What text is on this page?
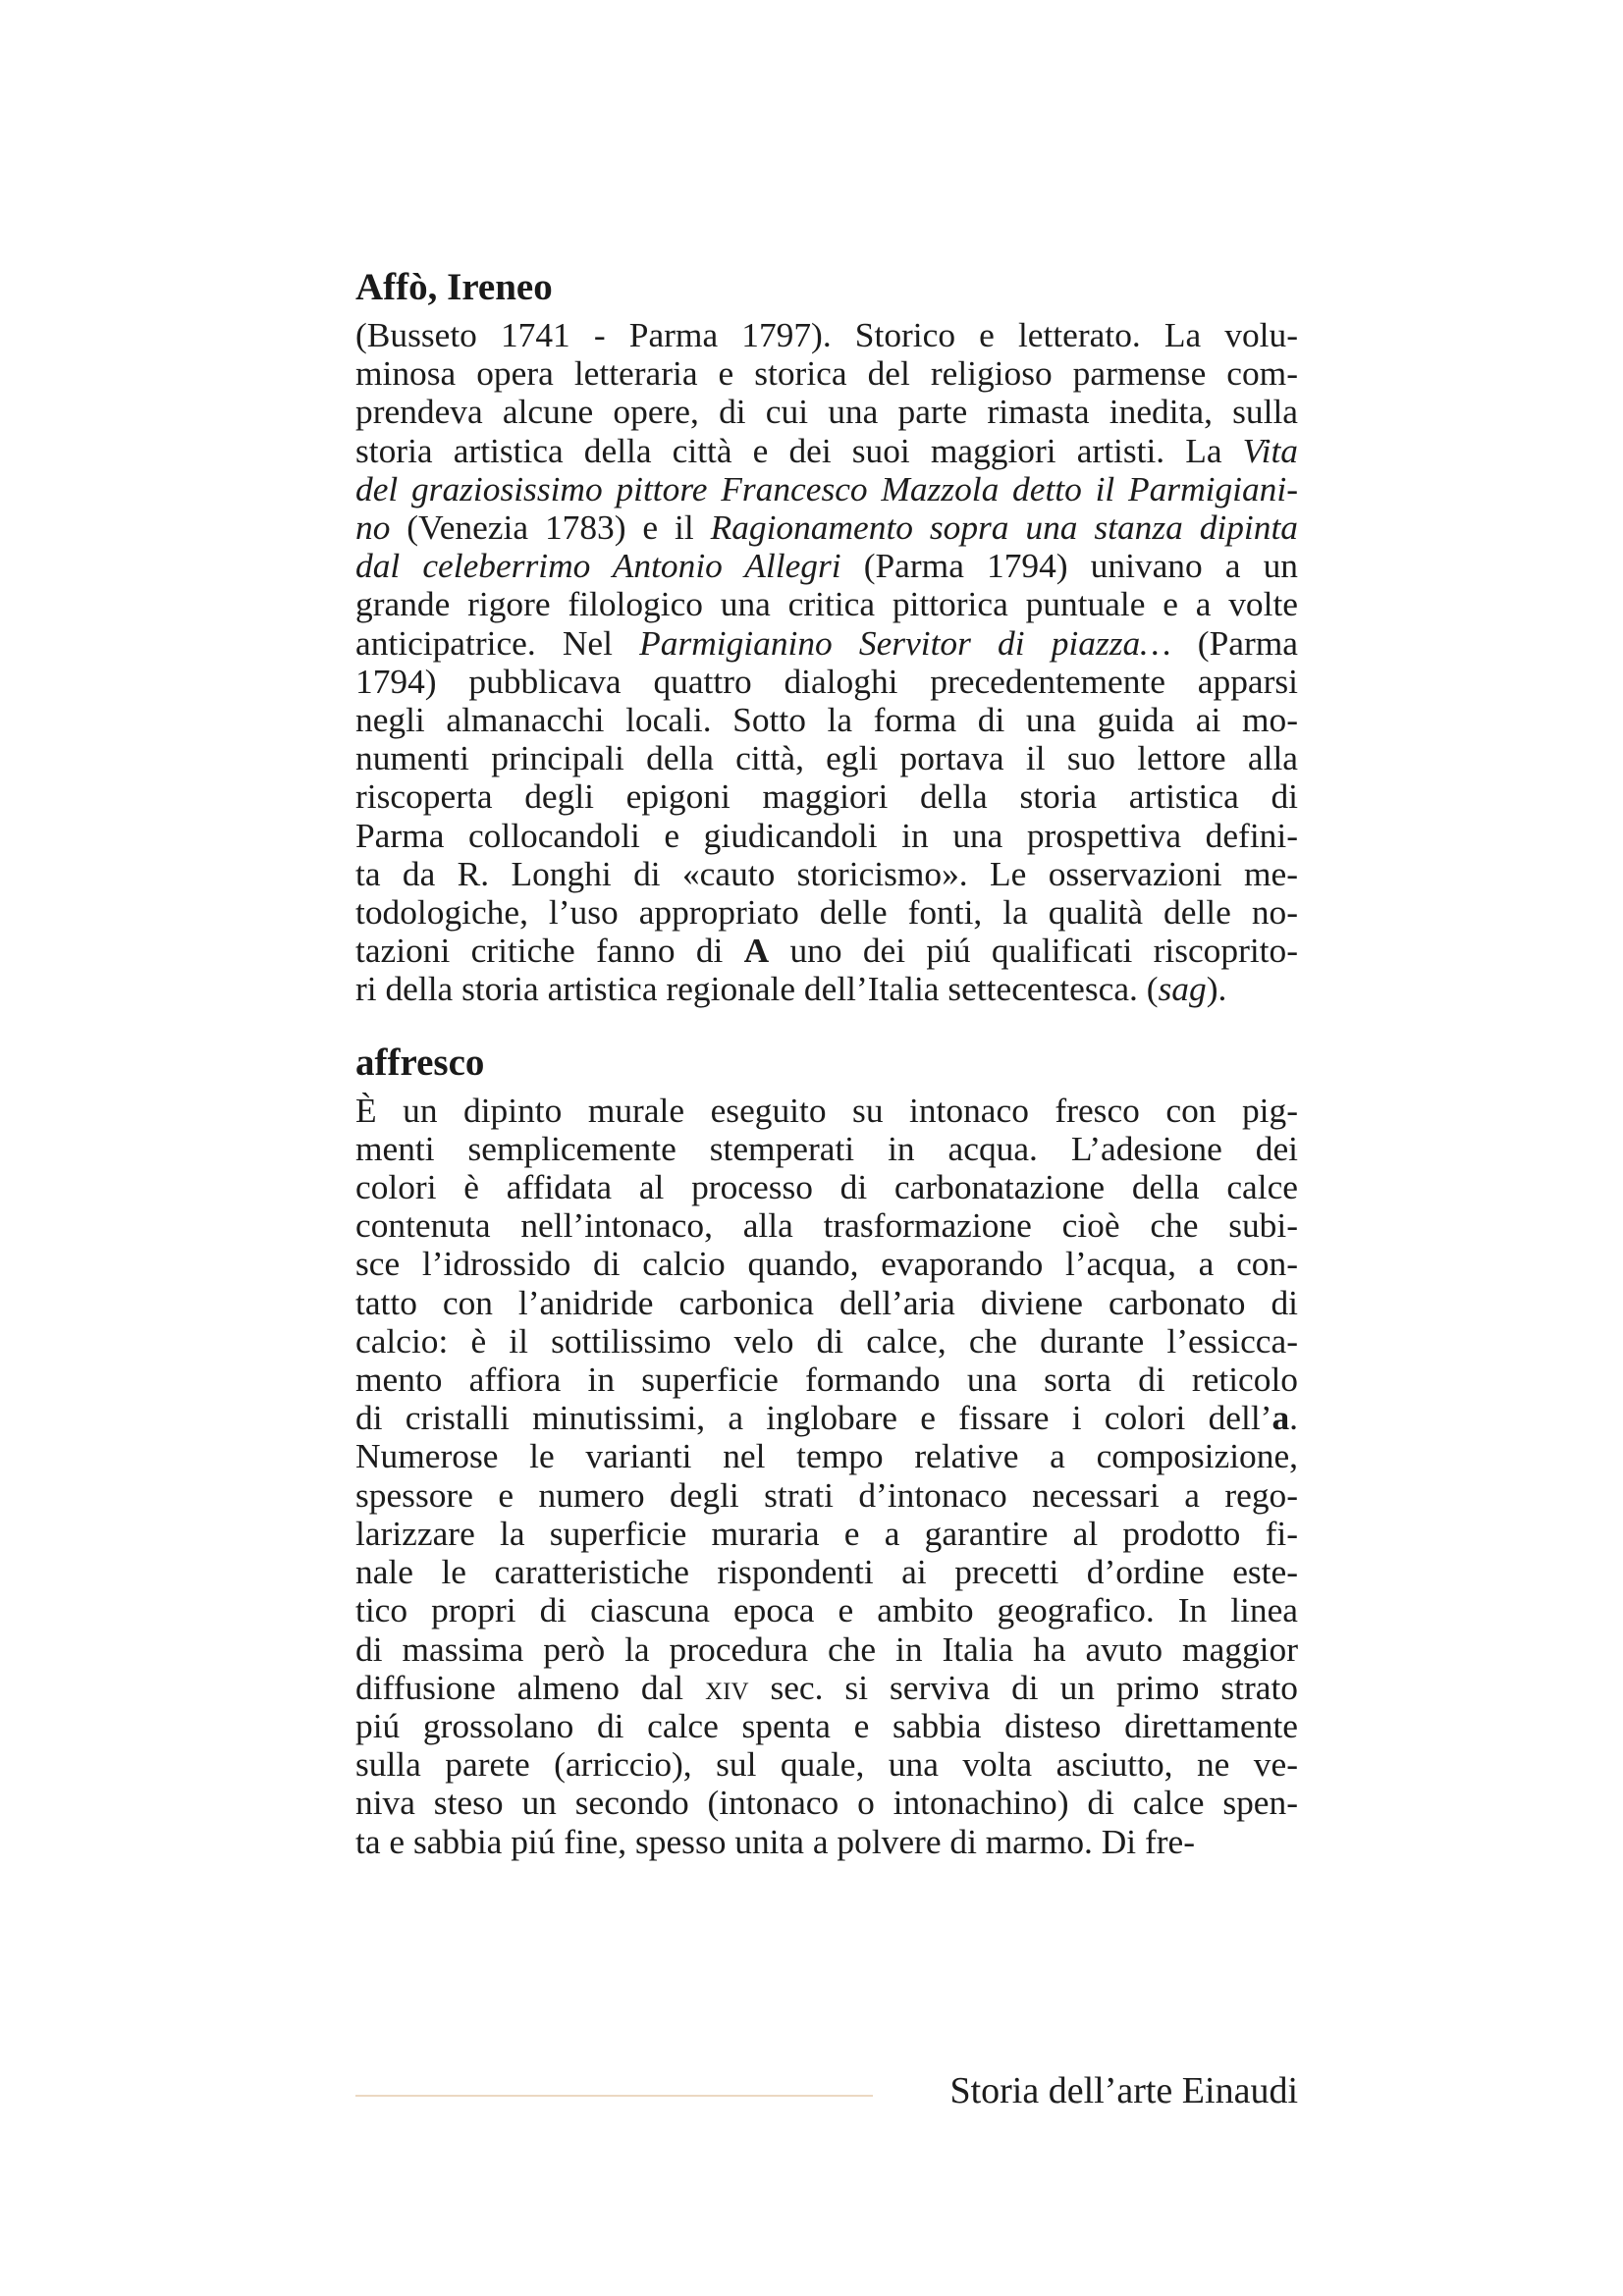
Affò, Ireneo

(Busseto 1741 - Parma 1797). Storico e letterato. La volu-
minosa opera letteraria e storica del religioso parmense com-
prendeva alcune opere, di cui una parte rimasta inedita, sulla
storia artistica della città e dei suoi maggiori artisti. La Vita
del graziosissimo pittore Francesco Mazzola detto il Parmigiani-
no (Venezia 1783) e il Ragionamento sopra una stanza dipinta
dal celeberrimo Antonio Allegri (Parma 1794) univano a un
grande rigore filologico una critica pittorica puntuale e a volte
anticipatrice. Nel Parmigianino Servitor di piazza… (Parma
1794) pubblicava quattro dialoghi precedentemente apparsi
negli almanacchi locali. Sotto la forma di una guida ai mo-
numenti principali della città, egli portava il suo lettore alla
riscoperta degli epigoni maggiori della storia artistica di
Parma collocandoli e giudicandoli in una prospettiva defini-
ta da R. Longhi di «cauto storicismo». Le osservazioni me-
todologiche, l’uso appropriato delle fonti, la qualità delle no-
tazioni critiche fanno di A uno dei piú qualificati riscoprito-
ri della storia artistica regionale dell’Italia settecentesca. (sag).

affresco

È un dipinto murale eseguito su intonaco fresco con pig-
menti semplicemente stemperati in acqua. L’adesione dei
colori è affidata al processo di carbonatazione della calce
contenuta nell’intonaco, alla trasformazione cioè che subi-
sce l’idrossido di calcio quando, evaporando l’acqua, a con-
tatto con l’anidride carbonica dell’aria diviene carbonato di
calcio: è il sottilissimo velo di calce, che durante l’essicca-
mento affiora in superficie formando una sorta di reticolo
di cristalli minutissimi, a inglobare e fissare i colori dell’a.
Numerose le varianti nel tempo relative a composizione,
spessore e numero degli strati d’intonaco necessari a rego-
larizzare la superficie muraria e a garantire al prodotto fi-
nale le caratteristiche rispondenti ai precetti d’ordine este-
tico propri di ciascuna epoca e ambito geografico. In linea
di massima però la procedura che in Italia ha avuto maggior
diffusione almeno dal xiv sec. si serviva di un primo strato
piú grossolano di calce spenta e sabbia disteso direttamente
sulla parete (arriccio), sul quale, una volta asciutto, ne ve-
niva steso un secondo (intonaco o intonachino) di calce spen-
ta e sabbia piú fine, spesso unita a polvere di marmo. Di fre-

Storia dell’arte Einaudi
